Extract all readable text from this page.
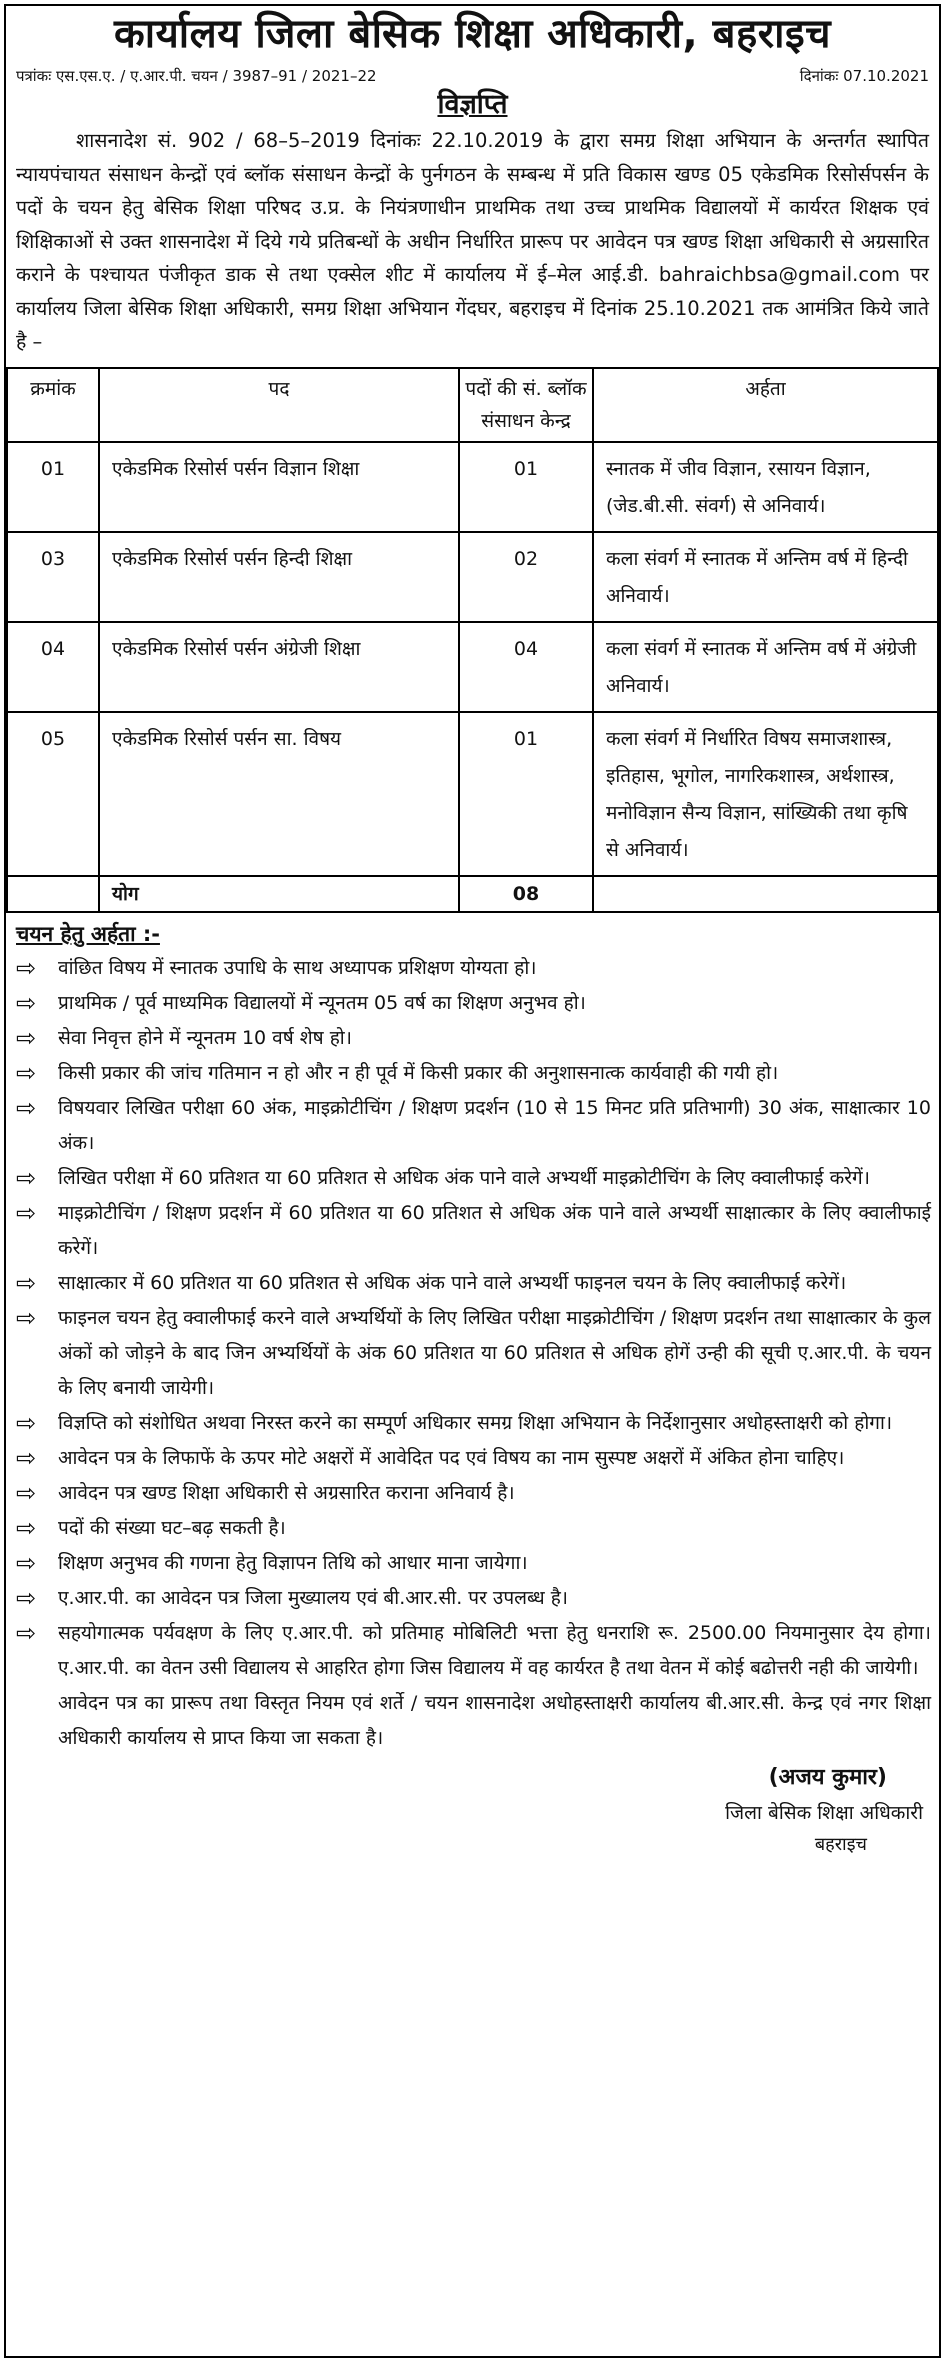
कार्यालय जिला बेसिक शिक्षा अधिकारी, बहराइच
पत्रांकः एस.एस.ए. / ए.आर.पी. चयन / 3987–91 / 2021–22	दिनांकः 07.10.2021
विज्ञप्ति
शासनादेश सं. 902 / 68–5–2019 दिनांकः 22.10.2019 के द्वारा समग्र शिक्षा अभियान के अन्तर्गत स्थापित न्यायपंचायत संसाधन केन्द्रों एवं ब्लॉक संसाधन केन्द्रों के पुर्नगठन के सम्बन्ध में प्रति विकास खण्ड 05 एकेडमिक रिसोर्सपर्सन के पदों के चयन हेतु बेसिक शिक्षा परिषद उ.प्र. के नियंत्रणाधीन प्राथमिक तथा उच्च प्राथमिक विद्यालयों में कार्यरत शिक्षक एवं शिक्षिकाओं से उक्त शासनादेश में दिये गये प्रतिबन्धों के अधीन निर्धारित प्रारूप पर आवेदन पत्र खण्ड शिक्षा अधिकारी से अग्रसारित कराने के पश्चायत पंजीकृत डाक से तथा एक्सेल शीट में कार्यालय में ई–मेल आई.डी. bahraichbsa@gmail.com पर कार्यालय जिला बेसिक शिक्षा अधिकारी, समग्र शिक्षा अभियान गेंदघर, बहराइच में दिनांक 25.10.2021 तक आमंत्रित किये जाते है –
क्रमांक	पद	पदों की सं. ब्लॉक संसाधन केन्द्र	अर्हता
01	एकेडमिक रिसोर्स पर्सन विज्ञान शिक्षा	01	स्नातक में जीव विज्ञान, रसायन विज्ञान, (जेड.बी.सी. संवर्ग) से अनिवार्य।
03	एकेडमिक रिसोर्स पर्सन हिन्दी शिक्षा	02	कला संवर्ग में स्नातक में अन्तिम वर्ष में हिन्दी अनिवार्य।
04	एकेडमिक रिसोर्स पर्सन अंग्रेजी शिक्षा	04	कला संवर्ग में स्नातक में अन्तिम वर्ष में अंग्रेजी अनिवार्य।
05	एकेडमिक रिसोर्स पर्सन सा. विषय	01	कला संवर्ग में निर्धारित विषय समाजशास्त्र, इतिहास, भूगोल, नागरिकशास्त्र, अर्थशास्त्र, मनोविज्ञान सैन्य विज्ञान, सांख्यिकी तथा कृषि से अनिवार्य।
	योग	08	
चयन हेतु अर्हता :-
⇨	वांछित विषय में स्नातक उपाधि के साथ अध्यापक प्रशिक्षण योग्यता हो।
⇨	प्राथमिक / पूर्व माध्यमिक विद्यालयों में न्यूनतम 05 वर्ष का शिक्षण अनुभव हो।
⇨	सेवा निवृत्त होने में न्यूनतम 10 वर्ष शेष हो।
⇨	किसी प्रकार की जांच गतिमान न हो और न ही पूर्व में किसी प्रकार की अनुशासनात्क कार्यवाही की गयी हो।
⇨	विषयवार लिखित परीक्षा 60 अंक, माइक्रोटीचिंग / शिक्षण प्रदर्शन (10 से 15 मिनट प्रति प्रतिभागी) 30 अंक, साक्षात्कार 10 अंक।
⇨	लिखित परीक्षा में 60 प्रतिशत या 60 प्रतिशत से अधिक अंक पाने वाले अभ्यर्थी माइक्रोटीचिंग के लिए क्वालीफाई करेगें।
⇨	माइक्रोटीचिंग / शिक्षण प्रदर्शन में 60 प्रतिशत या 60 प्रतिशत से अधिक अंक पाने वाले अभ्यर्थी साक्षात्कार के लिए क्वालीफाई करेगें।
⇨	साक्षात्कार में 60 प्रतिशत या 60 प्रतिशत से अधिक अंक पाने वाले अभ्यर्थी फाइनल चयन के लिए क्वालीफाई करेगें।
⇨	फाइनल चयन हेतु क्वालीफाई करने वाले अभ्यर्थियों के लिए लिखित परीक्षा माइक्रोटीचिंग / शिक्षण प्रदर्शन तथा साक्षात्कार के कुल अंकों को जोड़ने के बाद जिन अभ्यर्थियों के अंक 60 प्रतिशत या 60 प्रतिशत से अधिक होगें उन्ही की सूची ए.आर.पी. के चयन के लिए बनायी जायेगी।
⇨	विज्ञप्ति को संशोधित अथवा निरस्त करने का सम्पूर्ण अधिकार समग्र शिक्षा अभियान के निर्देशानुसार अधोहस्ताक्षरी को होगा।
⇨	आवेदन पत्र के लिफाफें के ऊपर मोटे अक्षरों में आवेदित पद एवं विषय का नाम सुस्पष्ट अक्षरों में अंकित होना चाहिए।
⇨	आवेदन पत्र खण्ड शिक्षा अधिकारी से अग्रसारित कराना अनिवार्य है।
⇨	पदों की संख्या घट–बढ़ सकती है।
⇨	शिक्षण अनुभव की गणना हेतु विज्ञापन तिथि को आधार माना जायेगा।
⇨	ए.आर.पी. का आवेदन पत्र जिला मुख्यालय एवं बी.आर.सी. पर उपलब्ध है।
⇨	सहयोगात्मक पर्यवक्षण के लिए ए.आर.पी. को प्रतिमाह मोबिलिटी भत्ता हेतु धनराशि रू. 2500.00 नियमानुसार देय होगा। ए.आर.पी. का वेतन उसी विद्यालय से आहरित होगा जिस विद्यालय में वह कार्यरत है तथा वेतन में कोई बढोत्तरी नही की जायेगी।
आवेदन पत्र का प्रारूप तथा विस्तृत नियम एवं शर्ते / चयन शासनादेश अधोहस्ताक्षरी कार्यालय बी.आर.सी. केन्द्र एवं नगर शिक्षा अधिकारी कार्यालय से प्राप्त किया जा सकता है।
(अजय कुमार)
जिला बेसिक शिक्षा अधिकारी
बहराइच
